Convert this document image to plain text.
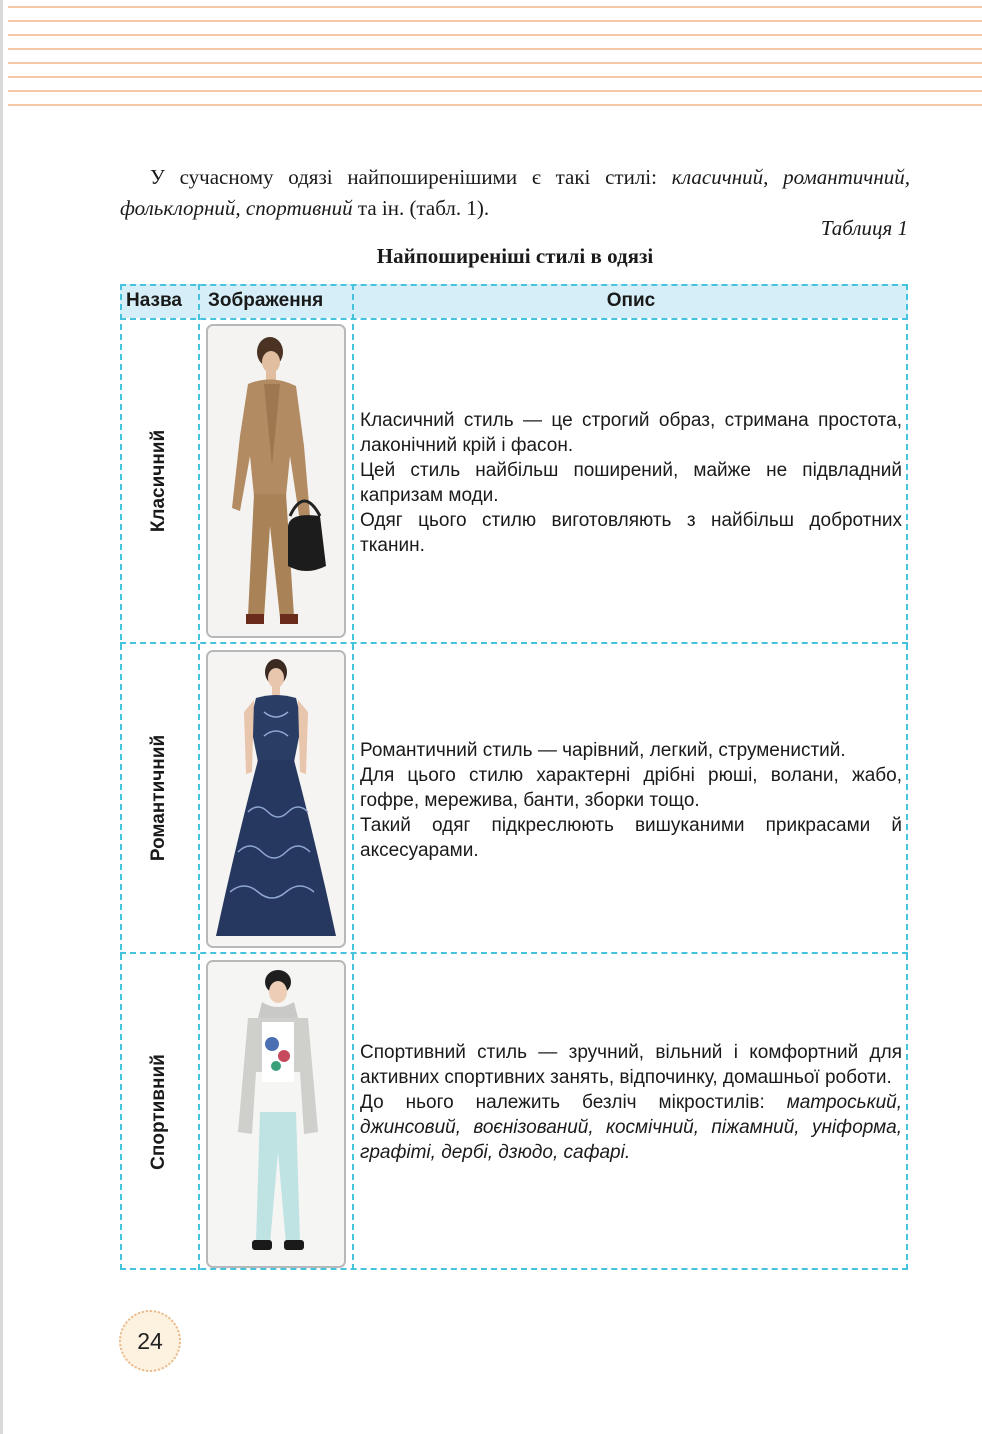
У сучасному одязі найпоширенішими є такі стилі: класичний, романтичний, фольклорний, спортивний та ін. (табл. 1).

Таблиця 1
Найпоширеніші стилі в одязі
Назва Зображення	Опис
Класичний

Класичний стиль — це строгий образ, стримана простота, лаконічний крій і фасон.

Цей стиль найбільш поширений, майже не підвладний капризам моди.

Одяг цього стилю виготовляють з найбільш добротних тканин.

Романтичний	Романтичний стиль — чарівний, легкий, струменистий.

Для цього стилю характерні дрібні рюші, волани, жабо, гофре, мережива, банти, зборки тощо.

Такий одяг підкреслюють вишуканими прикрасами й аксесуарами.

Спортивний

Спортивний стиль — зручний, вільний і комфортний для активних спортивних занять, відпочинку, домашньої роботи.

До нього належить безліч мікростилів: матроський, джинсовий, воєнізований, космічний, піжамний, уніформа, графіті, дербі, дзюдо, сафарі.

24
